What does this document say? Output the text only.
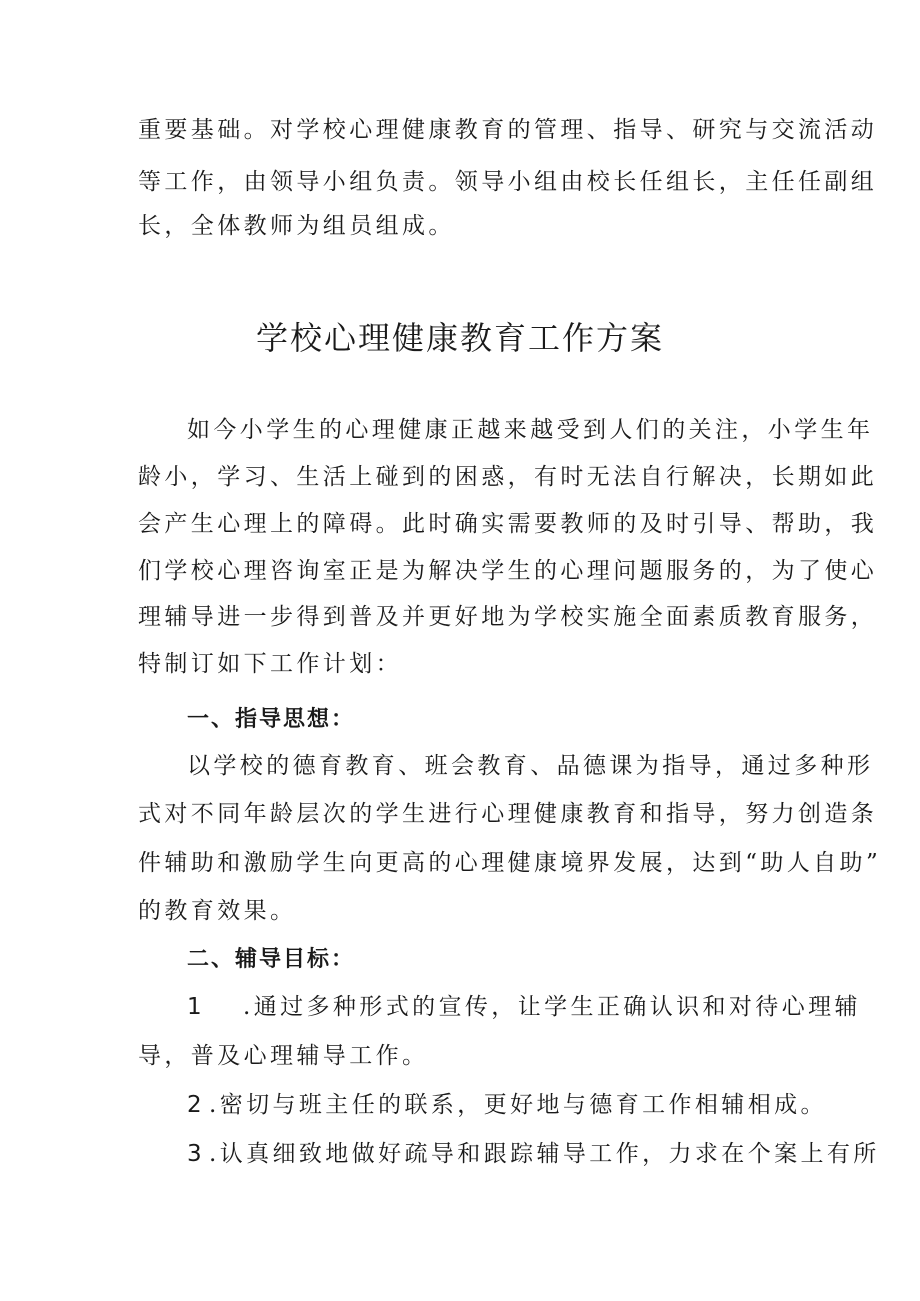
重要基础。对学校心理健康教育的管理、指导、研究与交流活动
等工作，由领导小组负责。领导小组由校长任组长，主任任副组
长，全体教师为组员组成。
学校心理健康教育工作方案
如今小学生的心理健康正越来越受到人们的关注，小学生年
龄小，学习、生活上碰到的困惑，有时无法自行解决，长期如此
会产生心理上的障碍。此时确实需要教师的及时引导、帮助，我
们学校心理咨询室正是为解决学生的心理问题服务的，为了使心
理辅导进一步得到普及并更好地为学校实施全面素质教育服务，
特制订如下工作计划：
一、指导思想：
以学校的德育教育、班会教育、品德课为指导，通过多种形
式对不同年龄层次的学生进行心理健康教育和指导，努力创造条
件辅助和激励学生向更高的心理健康境界发展，达到“助人自助”
的教育效果。
二、辅导目标：
1 .通过多种形式的宣传，让学生正确认识和对待心理辅
导，普及心理辅导工作。
2 .密切与班主任的联系，更好地与德育工作相辅相成。
3 .认真细致地做好疏导和跟踪辅导工作，力求在个案上有所
